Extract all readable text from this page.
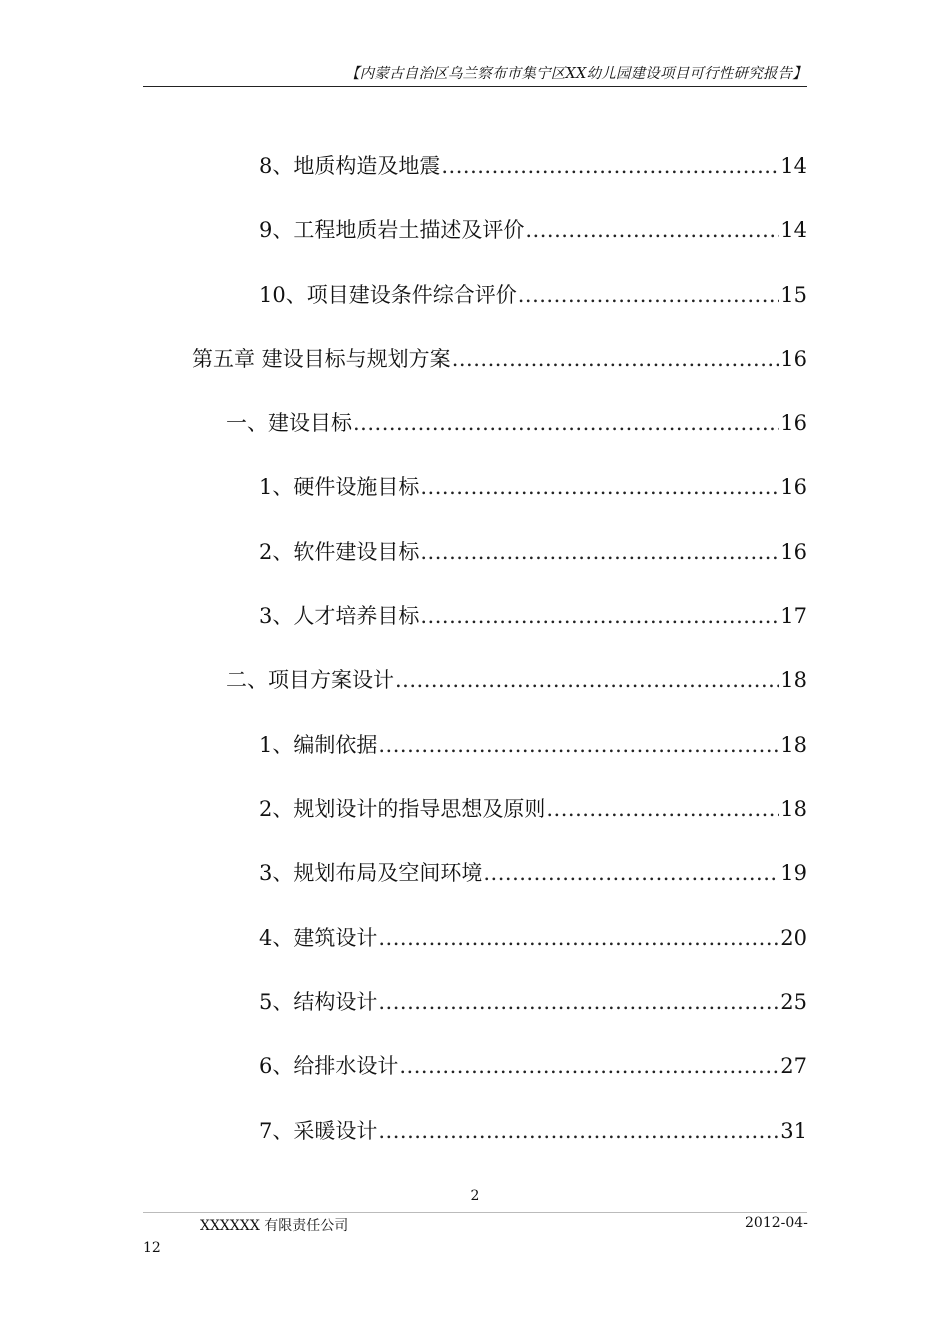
【内蒙古自治区乌兰察布市集宁区XX幼儿园建设项目可行性研究报告】
8、地质构造及地震 .....	14
9、工程地质岩土描述及评价 .....	14
10、项目建设条件综合评价 .....	15
第五章 建设目标与规划方案 .....	16
一、建设目标 .....	16
1、硬件设施目标 .....	16
2、软件建设目标 .....	16
3、人才培养目标 .....	17
二、项目方案设计 .....	18
1、编制依据 .....	18
2、规划设计的指导思想及原则 .....	18
3、规划布局及空间环境 .....	19
4、建筑设计 .....	20
5、结构设计 .....	25
6、给排水设计 .....	27
7、采暖设计 .....	31
2
XXXXXX 有限责任公司	2012-04-
12
